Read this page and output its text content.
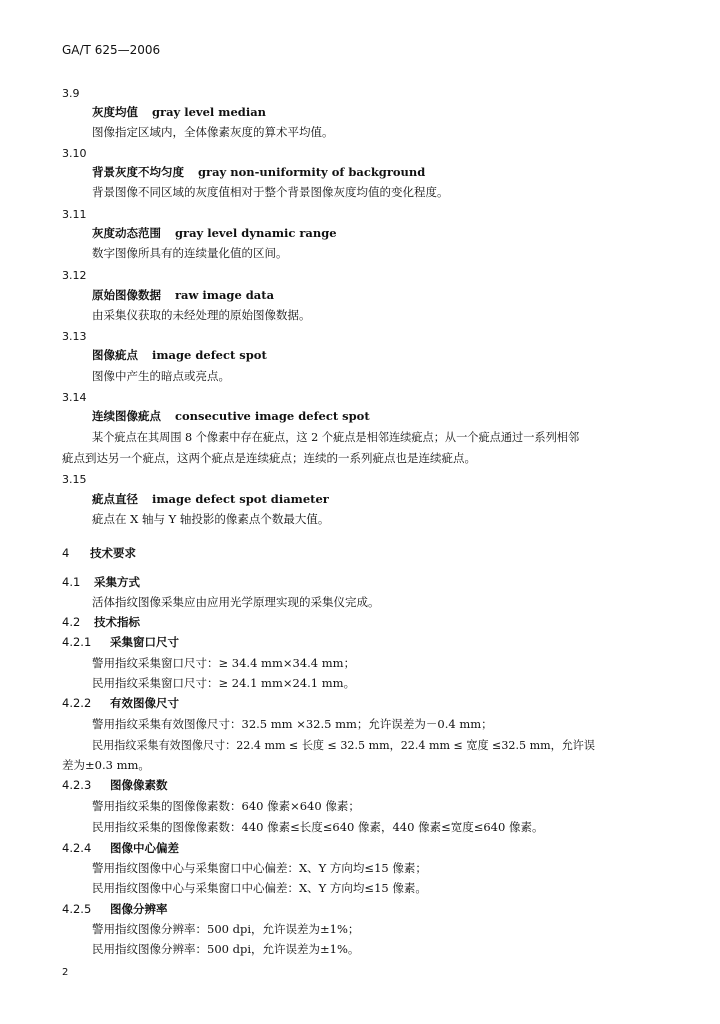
GA/T 625—2006
3.9
灰度均值 gray level median
图像指定区域内，全体像素灰度的算术平均值。
3.10
背景灰度不均匀度 gray non-uniformity of background
背景图像不同区域的灰度值相对于整个背景图像灰度均值的变化程度。
3.11
灰度动态范围 gray level dynamic range
数字图像所具有的连续量化值的区间。
3.12
原始图像数据 raw image data
由采集仪获取的未经处理的原始图像数据。
3.13
图像疵点 image defect spot
图像中产生的暗点或亮点。
3.14
连续图像疵点 consecutive image defect spot
某个疵点在其周围 8 个像素中存在疵点，这 2 个疵点是相邻连续疵点；从一个疵点通过一系列相邻
疵点到达另一个疵点，这两个疵点是连续疵点；连续的一系列疵点也是连续疵点。
3.15
疵点直径 image defect spot diameter
疵点在 X 轴与 Y 轴投影的像素点个数最大值。
4 技术要求
4.1 采集方式
活体指纹图像采集应由应用光学原理实现的采集仪完成。
4.2 技术指标
4.2.1 采集窗口尺寸
警用指纹采集窗口尺寸：≥ 34.4 mm×34.4 mm；
民用指纹采集窗口尺寸：≥ 24.1 mm×24.1 mm。
4.2.2 有效图像尺寸
警用指纹采集有效图像尺寸：32.5 mm ×32.5 mm；允许误差为－0.4 mm；
民用指纹采集有效图像尺寸：22.4 mm ≤ 长度 ≤ 32.5 mm，22.4 mm ≤ 宽度 ≤32.5 mm，允许误
差为±0.3 mm。
4.2.3 图像像素数
警用指纹采集的图像像素数：640 像素×640 像素；
民用指纹采集的图像像素数：440 像素≤长度≤640 像素，440 像素≤宽度≤640 像素。
4.2.4 图像中心偏差
警用指纹图像中心与采集窗口中心偏差：X、Y 方向均≤15 像素；
民用指纹图像中心与采集窗口中心偏差：X、Y 方向均≤15 像素。
4.2.5 图像分辨率
警用指纹图像分辨率：500 dpi，允许误差为±1%；
民用指纹图像分辨率：500 dpi，允许误差为±1%。
2
